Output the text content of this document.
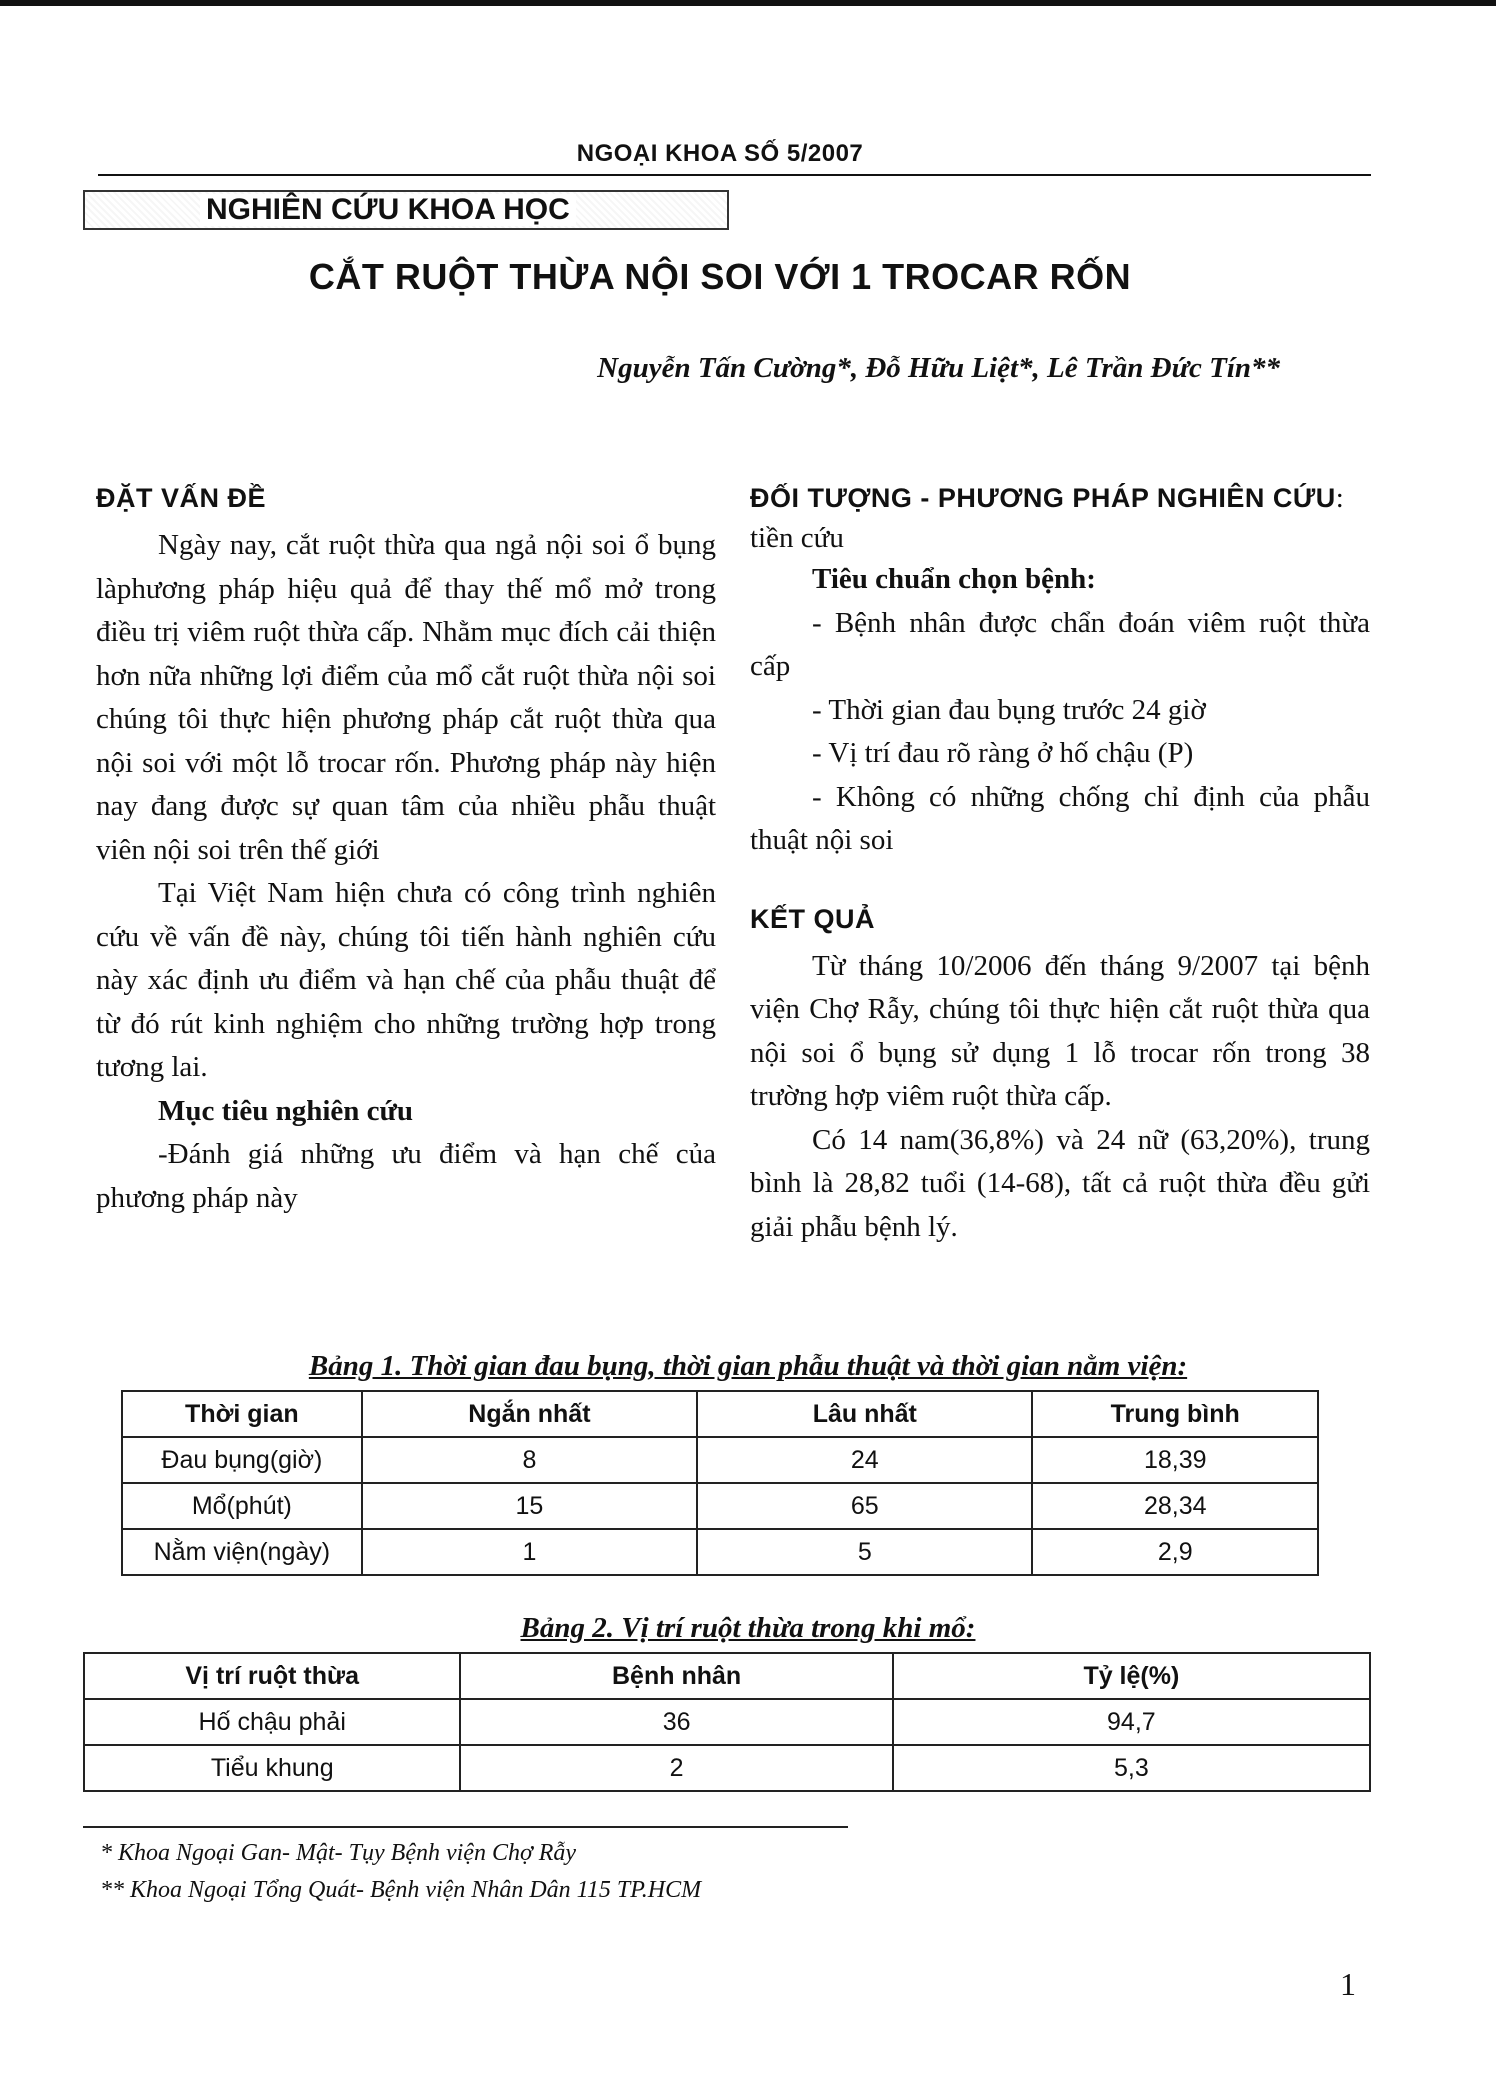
NGOẠI KHOA SỐ 5/2007
NGHIÊN CỨU KHOA HỌC
CẮT RUỘT THỪA NỘI SOI VỚI 1 TROCAR RỐN
Nguyễn Tấn Cường*, Đỗ Hữu Liệt*, Lê Trần Đức Tín**
ĐẶT VẤN ĐỀ

Ngày nay, cắt ruột thừa qua ngả nội soi ổ bụng làphương pháp hiệu quả để thay thế mổ mở trong điều trị viêm ruột thừa cấp. Nhằm mục đích cải thiện hơn nữa những lợi điểm của mổ cắt ruột thừa nội soi chúng tôi thực hiện phương pháp cắt ruột thừa qua nội soi với một lỗ trocar rốn. Phương pháp này hiện nay đang được sự quan tâm của nhiều phẫu thuật viên nội soi trên thế giới

Tại Việt Nam hiện chưa có công trình nghiên cứu về vấn đề này, chúng tôi tiến hành nghiên cứu này xác định ưu điểm và hạn chế của phẫu thuật để từ đó rút kinh nghiệm cho những trường hợp trong tương lai.

Mục tiêu nghiên cứu

-Đánh giá những ưu điểm và hạn chế của phương pháp này

ĐỐI TƯỢNG - PHƯƠNG PHÁP NGHIÊN CỨU: tiền cứu

Tiêu chuẩn chọn bệnh:

- Bệnh nhân được chẩn đoán viêm ruột thừa cấp

- Thời gian đau bụng trước 24 giờ

- Vị trí đau rõ ràng ở hố chậu (P)

- Không có những chống chỉ định của phẫu thuật nội soi

KẾT QUẢ

Từ tháng 10/2006 đến tháng 9/2007 tại bệnh viện Chợ Rẫy, chúng tôi thực hiện cắt ruột thừa qua nội soi ổ bụng sử dụng 1 lỗ trocar rốn trong 38 trường hợp viêm ruột thừa cấp.

Có 14 nam(36,8%) và 24 nữ (63,20%), trung bình là 28,82 tuổi (14-68), tất cả ruột thừa đều gửi giải phẫu bệnh lý.

Bảng 1. Thời gian đau bụng, thời gian phẫu thuật và thời gian nằm viện:
Thời gian	Ngắn nhất	Lâu nhất	Trung bình
Đau bụng(giờ)	8	24	18,39
Mổ(phút)	15	65	28,34
Nằm viện(ngày)	1	5	2,9
Bảng 2. Vị trí ruột thừa trong khi mổ:
Vị trí ruột thừa	Bệnh nhân	Tỷ lệ(%)
Hố chậu phải	36	94,7
Tiểu khung	2	5,3
* Khoa Ngoại Gan- Mật- Tụy Bệnh viện Chợ Rẫy
** Khoa Ngoại Tổng Quát- Bệnh viện Nhân Dân 115 TP.HCM
1
